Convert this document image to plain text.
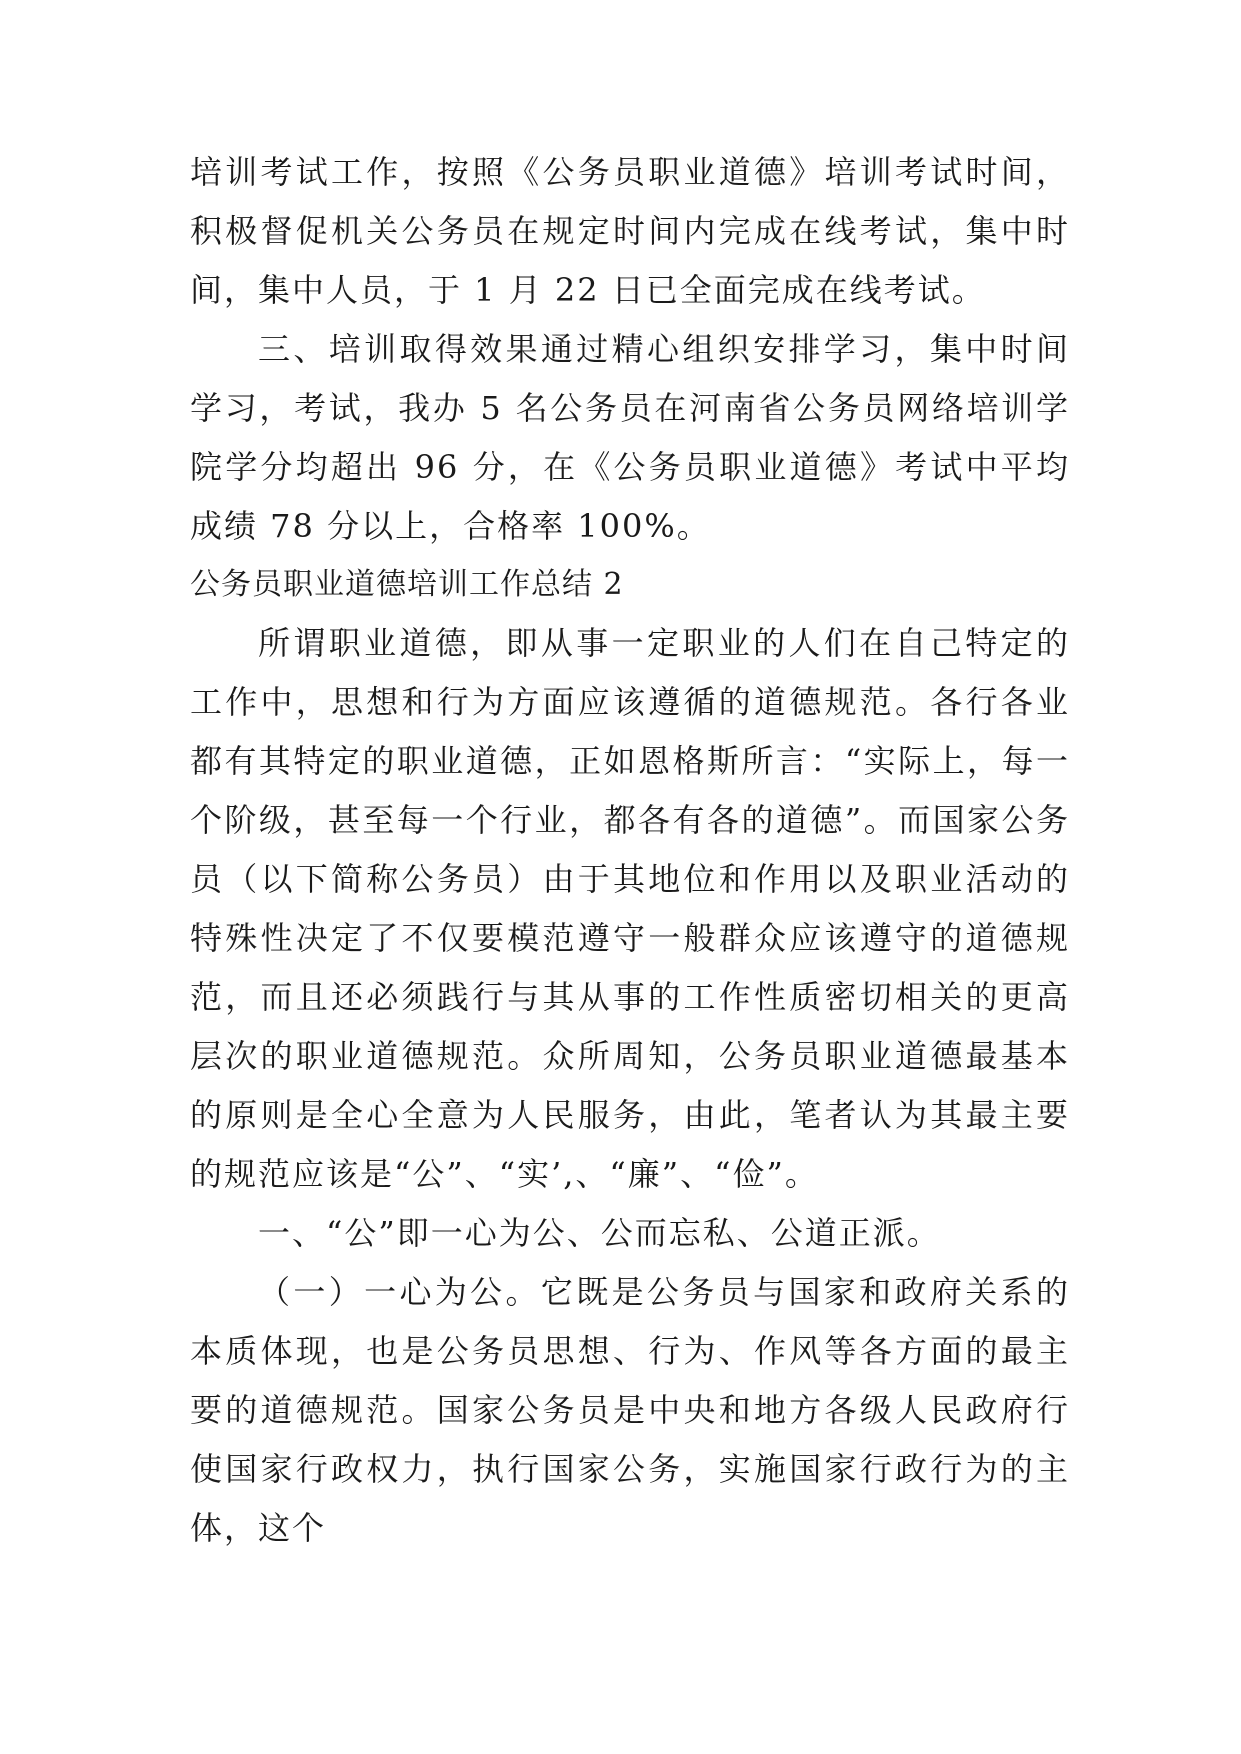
培训考试工作，按照《公务员职业道德》培训考试时间，积极督促机关公务员在规定时间内完成在线考试，集中时间，集中人员，于 1 月 22 日已全面完成在线考试。

三、培训取得效果通过精心组织安排学习，集中时间学习，考试，我办 5 名公务员在河南省公务员网络培训学院学分均超出 96 分，在《公务员职业道德》考试中平均成绩 78 分以上，合格率 100%。

公务员职业道德培训工作总结 2

所谓职业道德，即从事一定职业的人们在自己特定的工作中，思想和行为方面应该遵循的道德规范。各行各业都有其特定的职业道德，正如恩格斯所言：“实际上，每一个阶级，甚至每一个行业，都各有各的道德”。而国家公务员（以下简称公务员）由于其地位和作用以及职业活动的特殊性决定了不仅要模范遵守一般群众应该遵守的道德规范，而且还必须践行与其从事的工作性质密切相关的更高层次的职业道德规范。众所周知，公务员职业道德最基本的原则是全心全意为人民服务，由此，笔者认为其最主要的规范应该是“公”、“实’,、“廉”、“俭”。

一、“公”即一心为公、公而忘私、公道正派。

（一）一心为公。它既是公务员与国家和政府关系的本质体现，也是公务员思想、行为、作风等各方面的最主要的道德规范。国家公务员是中央和地方各级人民政府行使国家行政权力，执行国家公务，实施国家行政行为的主体，这个
